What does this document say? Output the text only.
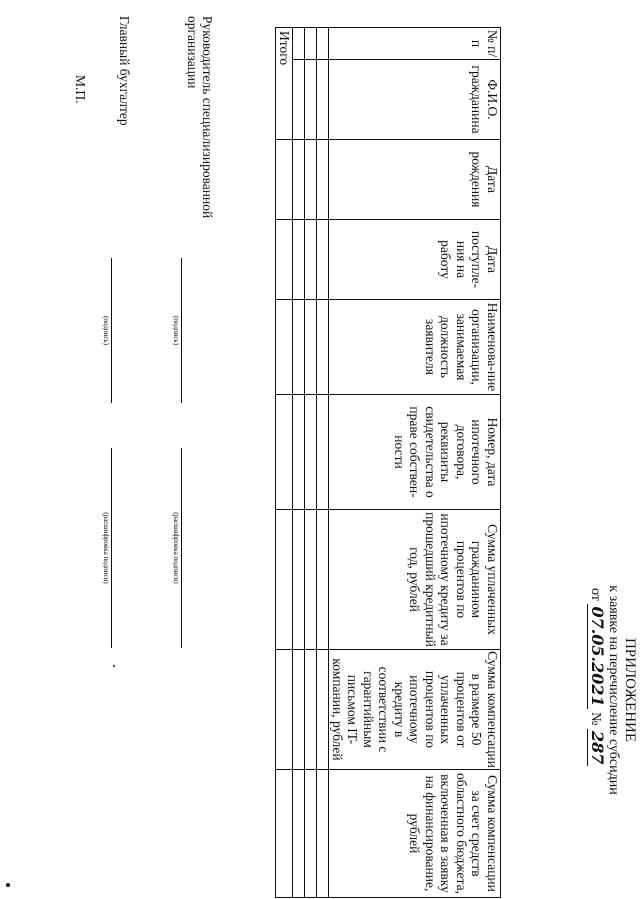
ПРИЛОЖЕНИЕ
к заявке на перечисление субсидии
от 07.05.2021 № 287
№ п/п	Ф.И.О. гражданина	Дата рождения	Дата поступле-ния на работу	Наименова-ние организации, занимаемая должность заявителя	Номер, дата ипотечного договора, реквизиты свидетельства о праве собствен-ности	Сумма уплаченных гражданином процентов по ипотечному кредиту за прошедший кредитный год, рублей	Сумма компенсации в размере 50 процентов от уплаченных процентов по ипотечному кредиту в соответствии с гарантийным письмом IT-компании, рублей	Сумма компенсации за счет средств областного бюджета, включенная в заявку на финансирование, рублей

Итого								
Руководитель специализированной организации
(подпись)
(расшифровка подписи)
Главный бухгалтер
(подпись)
(расшифровка подписи)
М.П.
